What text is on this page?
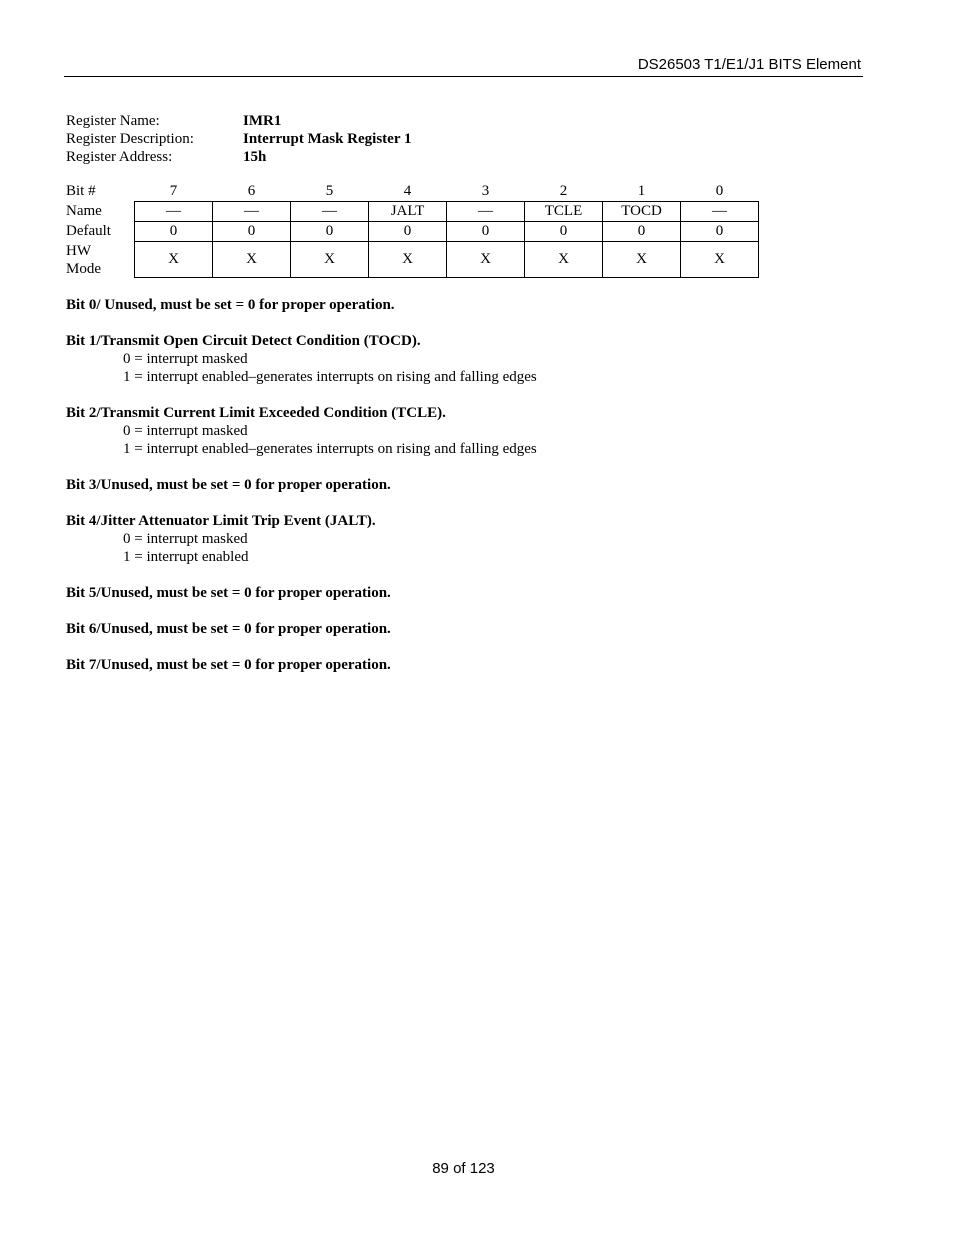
DS26503 T1/E1/J1 BITS Element
Register Name:	IMR1
Register Description:	Interrupt Mask Register 1
Register Address:	15h
Bit #	7	6	5	4	3	2	1	0
Name	—	—	—	JALT	—	TCLE	TOCD	—
Default	0	0	0	0	0	0	0	0

HW
Mode	X	X	X	X	X	X	X	X
Bit 0/ Unused, must be set = 0 for proper operation.
Bit 1/Transmit Open Circuit Detect Condition (TOCD).
0 = interrupt masked
1 = interrupt enabled–generates interrupts on rising and falling edges
Bit 2/Transmit Current Limit Exceeded Condition (TCLE).
0 = interrupt masked
1 = interrupt enabled–generates interrupts on rising and falling edges
Bit 3/Unused, must be set = 0 for proper operation.
Bit 4/Jitter Attenuator Limit Trip Event (JALT).
0 = interrupt masked
1 = interrupt enabled
Bit 5/Unused, must be set = 0 for proper operation.
Bit 6/Unused, must be set = 0 for proper operation.
Bit 7/Unused, must be set = 0 for proper operation.
89 of 123
